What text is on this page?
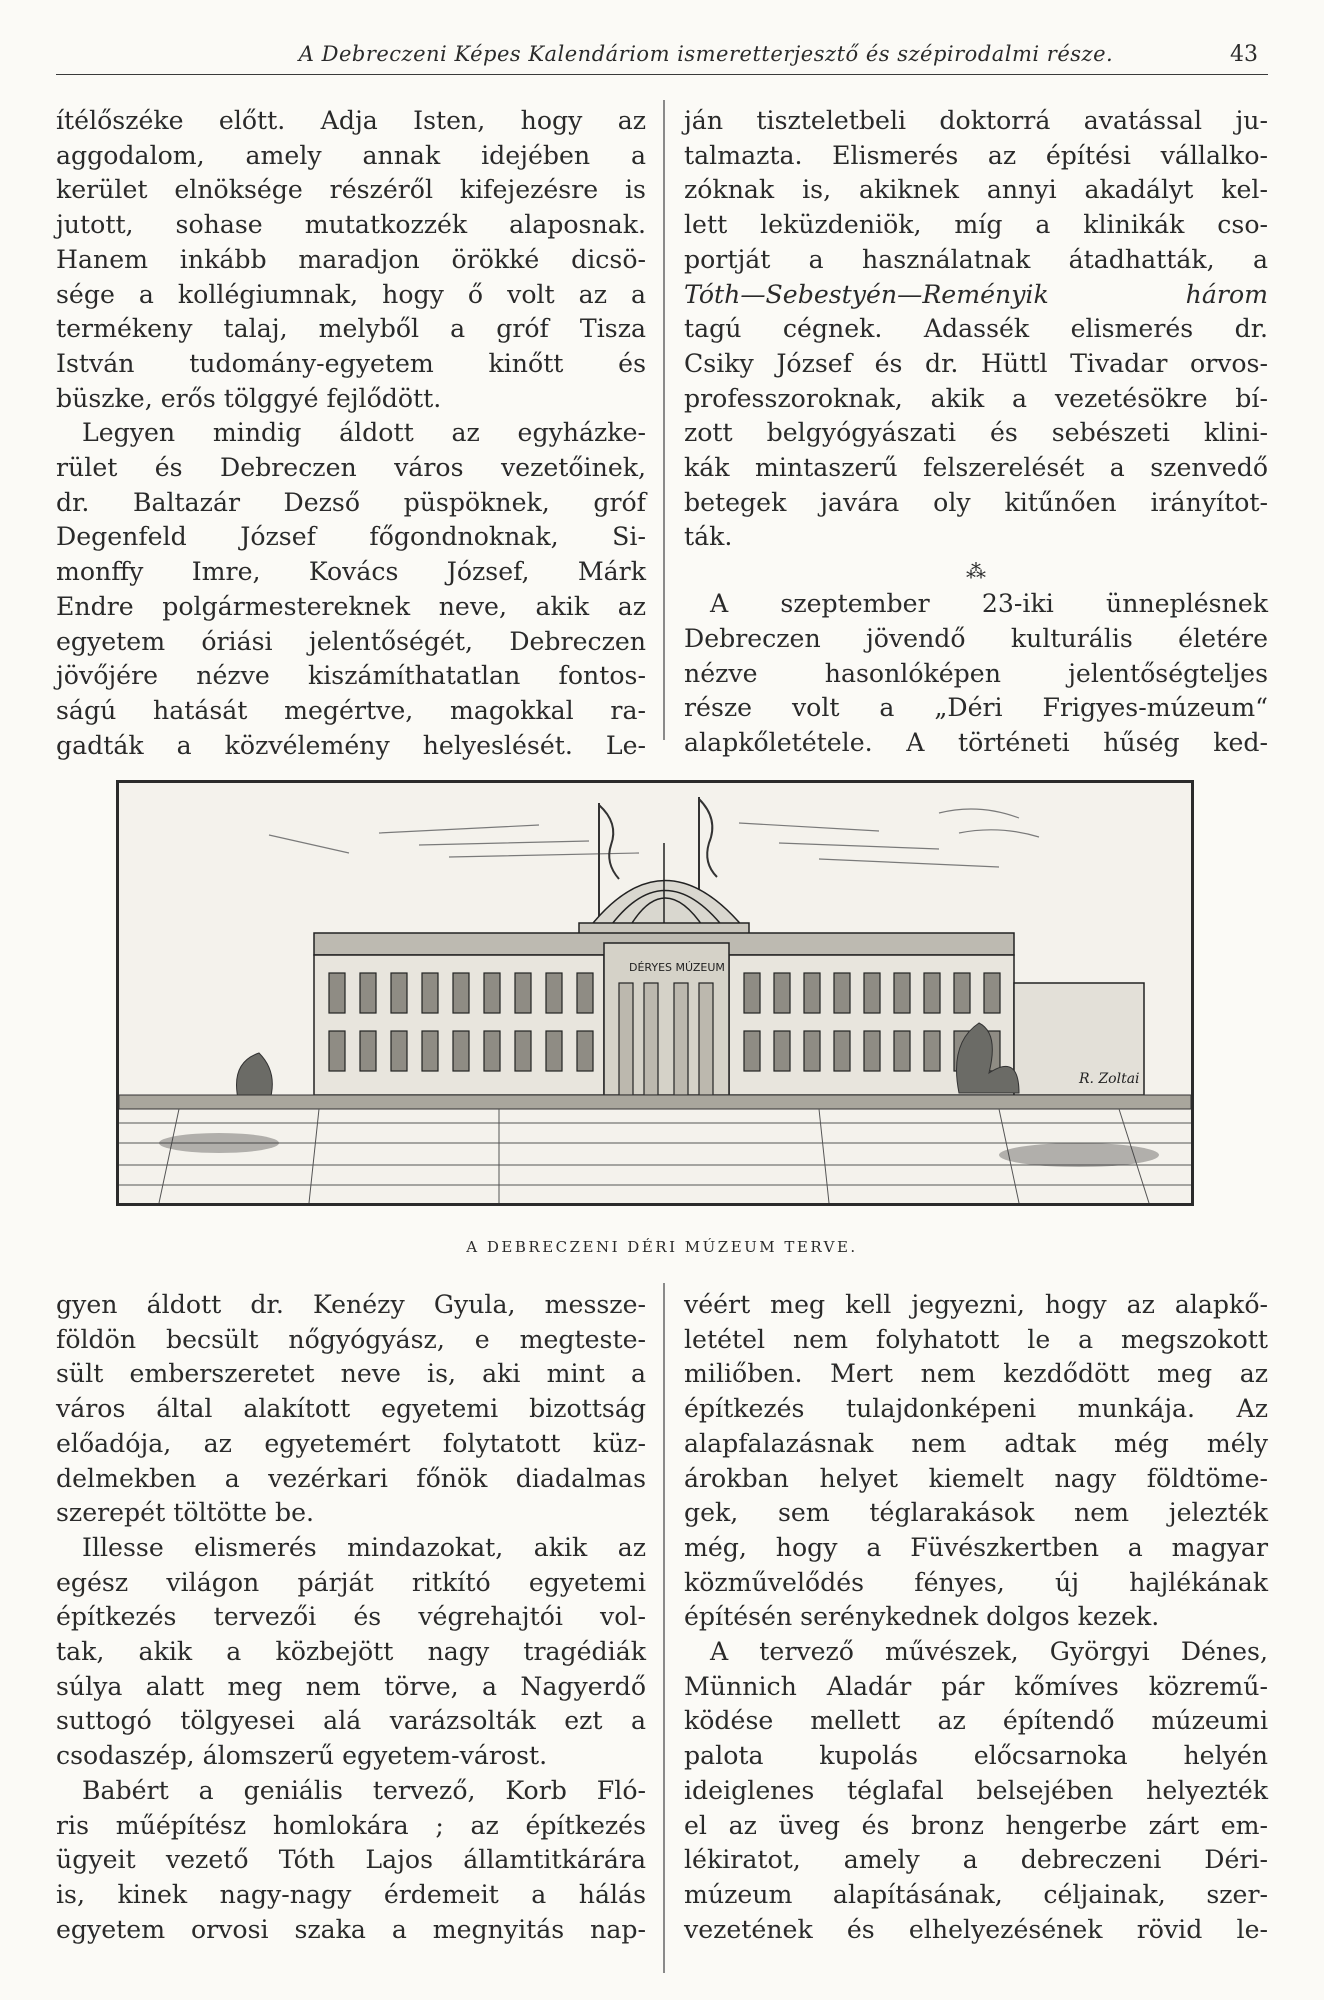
A Debreczeni Képes Kalendáriom ismeretterjesztő és szépirodalmi része.	43
ítélőszéke előtt. Adja Isten, hogy az
aggodalom, amely annak idejében a
kerület elnöksége részéről kifejezésre is
jutott, sohase mutatkozzék alaposnak.
Hanem inkább maradjon örökké dicsö-
sége a kollégiumnak, hogy ő volt az a
termékeny talaj, melyből a gróf Tisza
István tudomány-egyetem kinőtt és
büszke, erős tölggyé fejlődött.
Legyen mindig áldott az egyházke-
rület és Debreczen város vezetőinek,
dr. Baltazár Dezső püspöknek, gróf
Degenfeld József főgondnoknak, Si-
monffy Imre, Kovács József, Márk
Endre polgármestereknek neve, akik az
egyetem óriási jelentőségét, Debreczen
jövőjére nézve kiszámíthatatlan fontos-
ságú hatását megértve, magokkal ra-
gadták a közvélemény helyeslését. Le-
ján tiszteletbeli doktorrá avatással ju-
talmazta. Elismerés az építési vállalko-
zóknak is, akiknek annyi akadályt kel-
lett leküzdeniök, míg a klinikák cso-
portját a használatnak átadhatták, a
Tóth—Sebestyén—Reményik három
tagú cégnek. Adassék elismerés dr.
Csiky József és dr. Hüttl Tivadar orvos-
professzoroknak, akik a vezetésökre bí-
zott belgyógyászati és sebészeti klini-
kák mintaszerű felszerelését a szenvedő
betegek javára oly kitűnően irányítot-
ták.
⁂
A szeptember 23-iki ünneplésnek
Debreczen jövendő kulturális életére
nézve hasonlóképen jelentőségteljes
része volt a „Déri Frigyes-múzeum“
alapkőletétele. A történeti hűség ked-
DÉRYES MÚZEUM
R. Zoltai
A DEBRECZENI DÉRI MÚZEUM TERVE.
gyen áldott dr. Kenézy Gyula, messze-
földön becsült nőgyógyász, e megteste-
sült emberszeretet neve is, aki mint a
város által alakított egyetemi bizottság
előadója, az egyetemért folytatott küz-
delmekben a vezérkari főnök diadalmas
szerepét töltötte be.
Illesse elismerés mindazokat, akik az
egész világon párját ritkító egyetemi
építkezés tervezői és végrehajtói vol-
tak, akik a közbejött nagy tragédiák
súlya alatt meg nem törve, a Nagyerdő
suttogó tölgyesei alá varázsolták ezt a
csodaszép, álomszerű egyetem-várost.
Babért a geniális tervező, Korb Fló-
ris műépítész homlokára ; az építkezés
ügyeit vezető Tóth Lajos államtitkárára
is, kinek nagy-nagy érdemeit a hálás
egyetem orvosi szaka a megnyitás nap-
véért meg kell jegyezni, hogy az alapkő-
letétel nem folyhatott le a megszokott
miliőben. Mert nem kezdődött meg az
építkezés tulajdonképeni munkája. Az
alapfalazásnak nem adtak még mély
árokban helyet kiemelt nagy földtöme-
gek, sem téglarakások nem jelezték
még, hogy a Füvészkertben a magyar
közművelődés fényes, új hajlékának
építésén serénykednek dolgos kezek.
A tervező művészek, Györgyi Dénes,
Münnich Aladár pár kőmíves közremű-
ködése mellett az építendő múzeumi
palota kupolás előcsarnoka helyén
ideiglenes téglafal belsejében helyezték
el az üveg és bronz hengerbe zárt em-
lékiratot, amely a debreczeni Déri-
múzeum alapításának, céljainak, szer-
vezetének és elhelyezésének rövid le-
